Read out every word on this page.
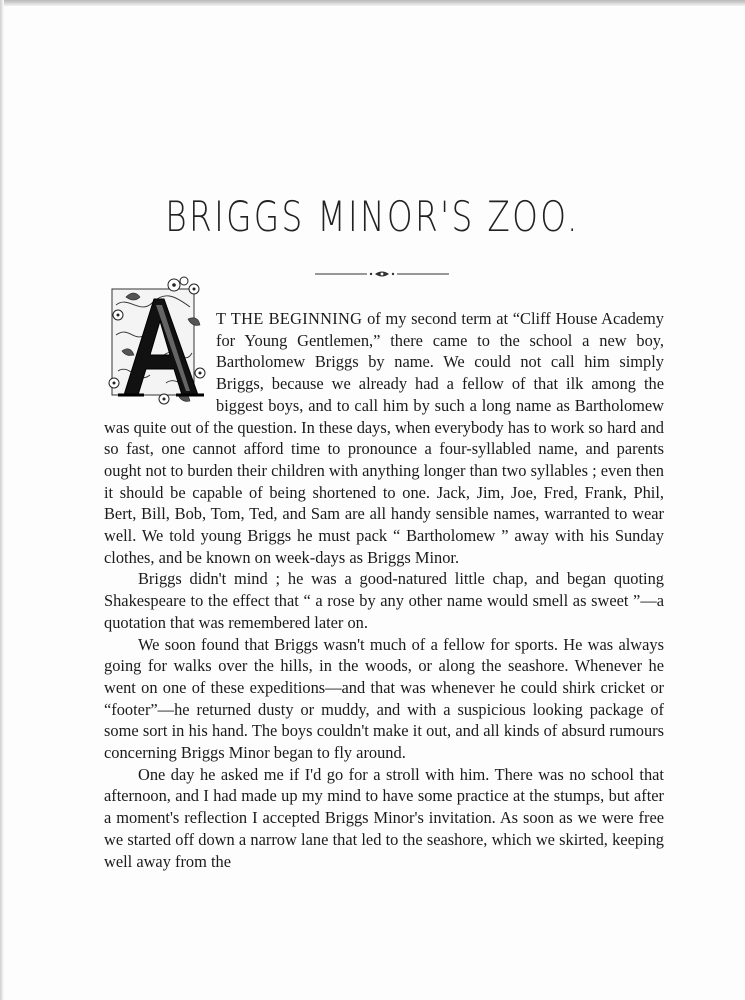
BRIGGS MINOR'S ZOO.
A

T THE BEGINNING of my second term at “Cliff House Academy for Young Gentlemen,” there came to the school a new boy, Bartholomew Briggs by name. We could not call him simply Briggs, because we already had a fellow of that ilk among the biggest boys, and to call him by such a long name as Bartholomew was quite out of the question. In these days, when everybody has to work so hard and so fast, one cannot afford time to pronounce a four-syllabled name, and parents ought not to burden their children with anything longer than two syllables ; even then it should be capable of being shortened to one. Jack, Jim, Joe, Fred, Frank, Phil, Bert, Bill, Bob, Tom, Ted, and Sam are all handy sensible names, warranted to wear well. We told young Briggs he must pack “ Bartholomew ” away with his Sunday clothes, and be known on week-days as Briggs Minor.

Briggs didn't mind ; he was a good-natured little chap, and began quoting Shakespeare to the effect that “ a rose by any other name would smell as sweet ”—a quotation that was remembered later on.

We soon found that Briggs wasn't much of a fellow for sports. He was always going for walks over the hills, in the woods, or along the seashore. Whenever he went on one of these expeditions—and that was whenever he could shirk cricket or “footer”—he returned dusty or muddy, and with a suspicious looking package of some sort in his hand. The boys couldn't make it out, and all kinds of absurd rumours concerning Briggs Minor began to fly around.

One day he asked me if I'd go for a stroll with him. There was no school that afternoon, and I had made up my mind to have some practice at the stumps, but after a moment's reflection I accepted Briggs Minor's invitation. As soon as we were free we started off down a narrow lane that led to the seashore, which we skirted, keeping well away from the
